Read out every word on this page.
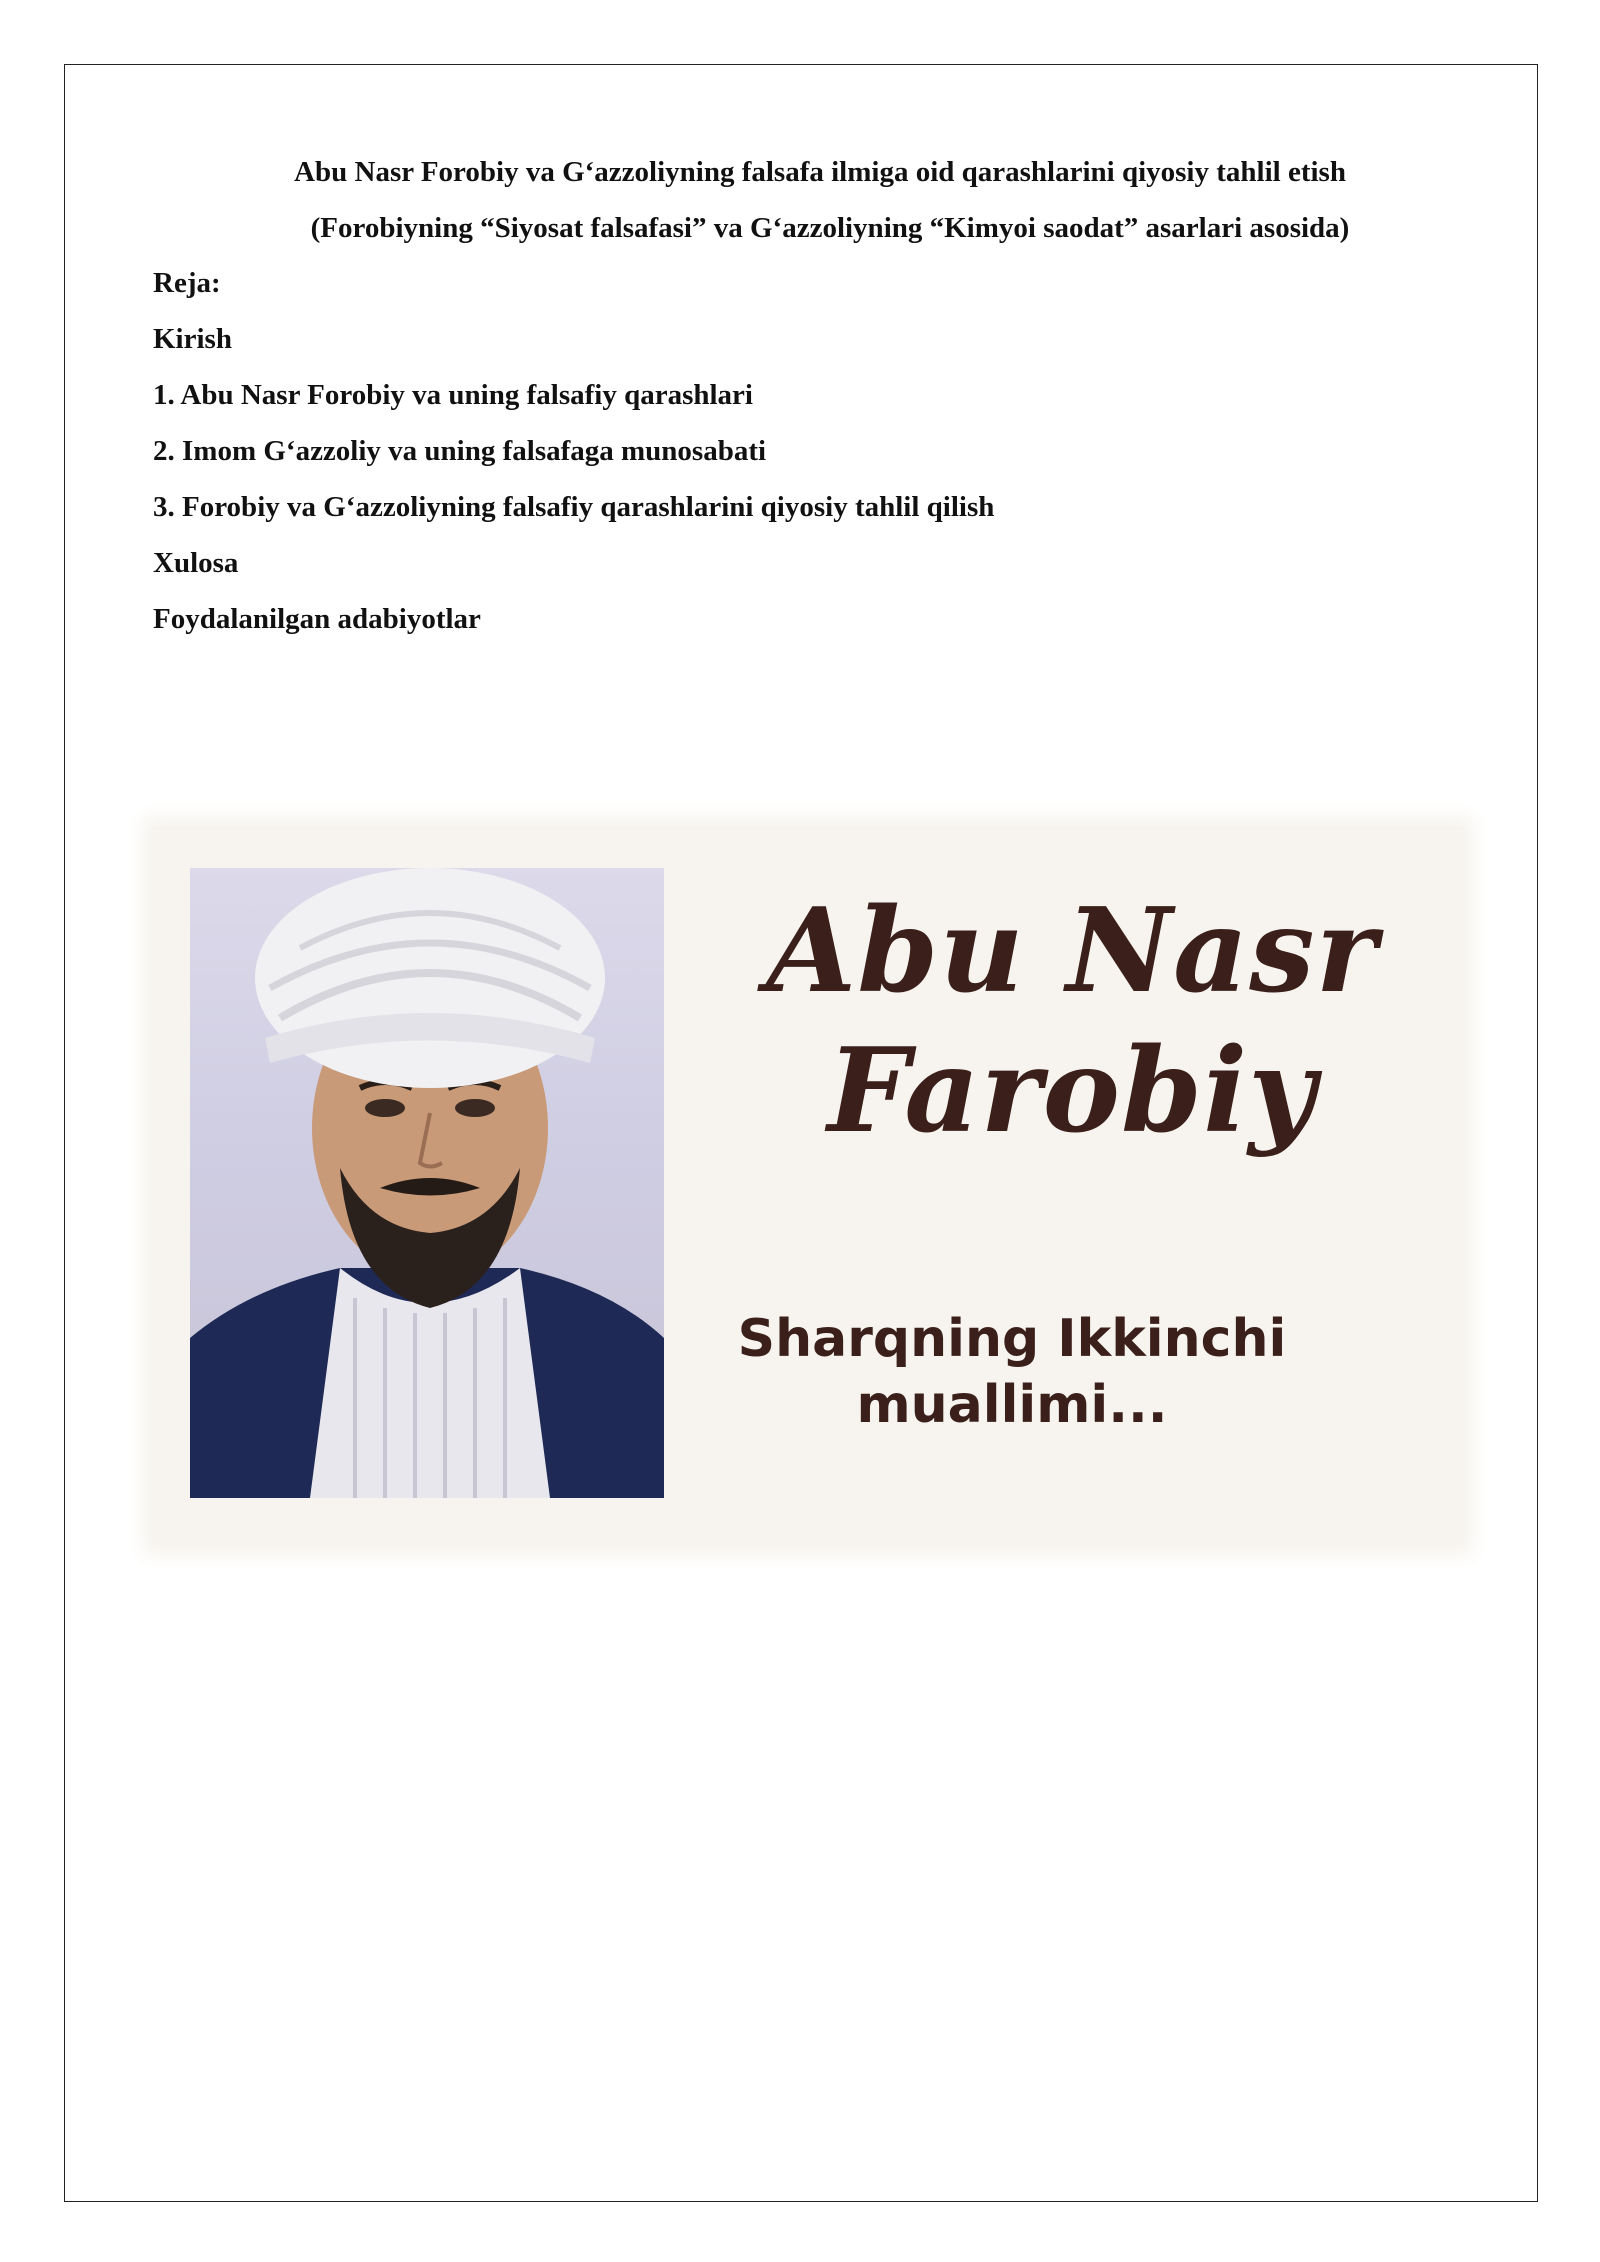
Abu Nasr Forobiy va G‘azzoliyning falsafa ilmiga oid qarashlarini qiyosiy tahlil etish
(Forobiyning “Siyosat falsafasi” va G‘azzoliyning “Kimyoi saodat” asarlari asosida)
Reja:
Kirish
1. Abu Nasr Forobiy va uning falsafiy qarashlari
2. Imom G‘azzoliy va uning falsafaga munosabati
3. Forobiy va G‘azzoliyning falsafiy qarashlarini qiyosiy tahlil qilish
Xulosa
Foydalanilgan adabiyotlar
Abu Nasr
Farobiy
Sharqning Ikkinchi
muallimi...
